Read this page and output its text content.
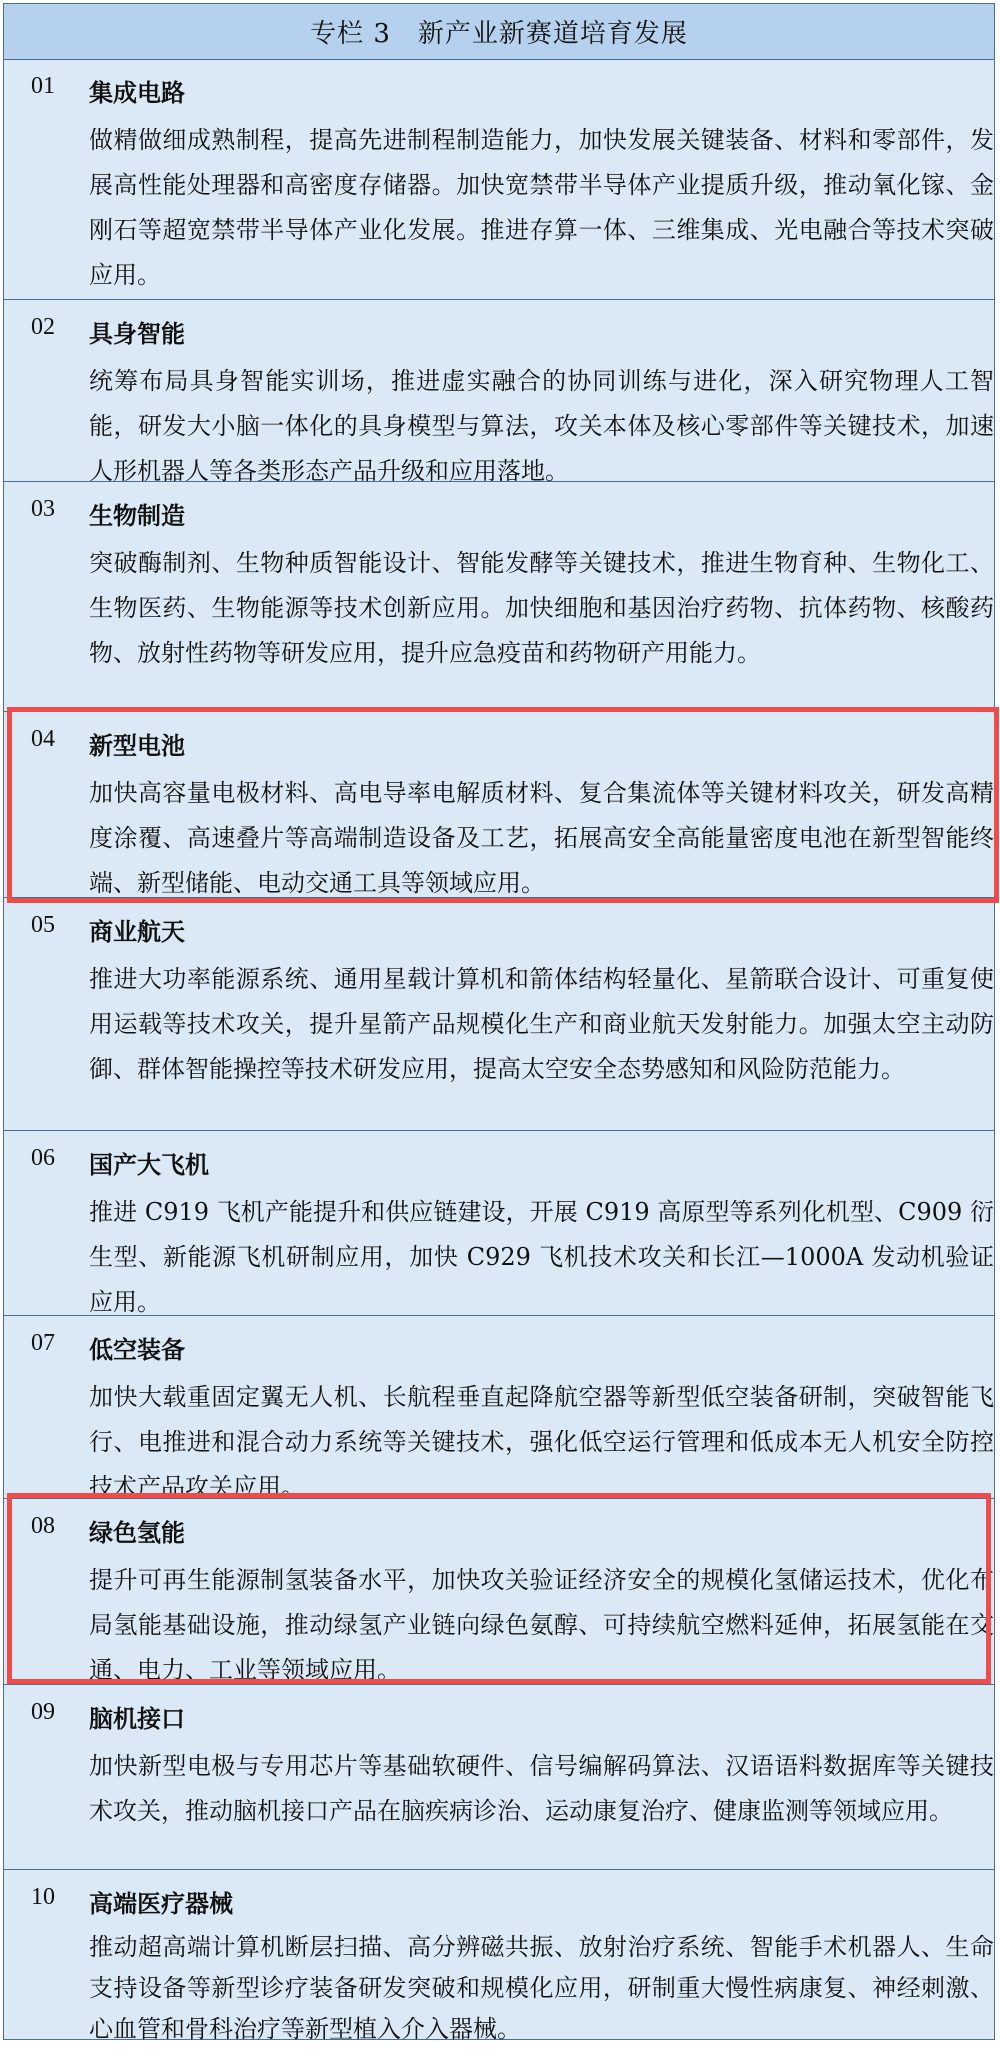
专栏 3　新产业新赛道培育发展
01 集成电路
做精做细成熟制程，提高先进制程制造能力，加快发展关键装备、材料和零部件，发展高性能处理器和高密度存储器。加快宽禁带半导体产业提质升级，推动氧化镓、金刚石等超宽禁带半导体产业化发展。推进存算一体、三维集成、光电融合等技术突破应用。
02 具身智能
统筹布局具身智能实训场，推进虚实融合的协同训练与进化，深入研究物理人工智能，研发大小脑一体化的具身模型与算法，攻关本体及核心零部件等关键技术，加速人形机器人等各类形态产品升级和应用落地。
03 生物制造
突破酶制剂、生物种质智能设计、智能发酵等关键技术，推进生物育种、生物化工、生物医药、生物能源等技术创新应用。加快细胞和基因治疗药物、抗体药物、核酸药物、放射性药物等研发应用，提升应急疫苗和药物研产用能力。
04 新型电池
加快高容量电极材料、高电导率电解质材料、复合集流体等关键材料攻关，研发高精度涂覆、高速叠片等高端制造设备及工艺，拓展高安全高能量密度电池在新型智能终端、新型储能、电动交通工具等领域应用。
05 商业航天
推进大功率能源系统、通用星载计算机和箭体结构轻量化、星箭联合设计、可重复使用运载等技术攻关，提升星箭产品规模化生产和商业航天发射能力。加强太空主动防御、群体智能操控等技术研发应用，提高太空安全态势感知和风险防范能力。
06 国产大飞机
推进 C919 飞机产能提升和供应链建设，开展 C919 高原型等系列化机型、C909 衍生型、新能源飞机研制应用，加快 C929 飞机技术攻关和长江—1000A 发动机验证应用。
07 低空装备
加快大载重固定翼无人机、长航程垂直起降航空器等新型低空装备研制，突破智能飞行、电推进和混合动力系统等关键技术，强化低空运行管理和低成本无人机安全防控技术产品攻关应用。
08 绿色氢能
提升可再生能源制氢装备水平，加快攻关验证经济安全的规模化氢储运技术，优化布局氢能基础设施，推动绿氢产业链向绿色氨醇、可持续航空燃料延伸，拓展氢能在交通、电力、工业等领域应用。
09 脑机接口
加快新型电极与专用芯片等基础软硬件、信号编解码算法、汉语语料数据库等关键技术攻关，推动脑机接口产品在脑疾病诊治、运动康复治疗、健康监测等领域应用。
10 高端医疗器械
推动超高端计算机断层扫描、高分辨磁共振、放射治疗系统、智能手术机器人、生命支持设备等新型诊疗装备研发突破和规模化应用，研制重大慢性病康复、神经刺激、心血管和骨科治疗等新型植入介入器械。
